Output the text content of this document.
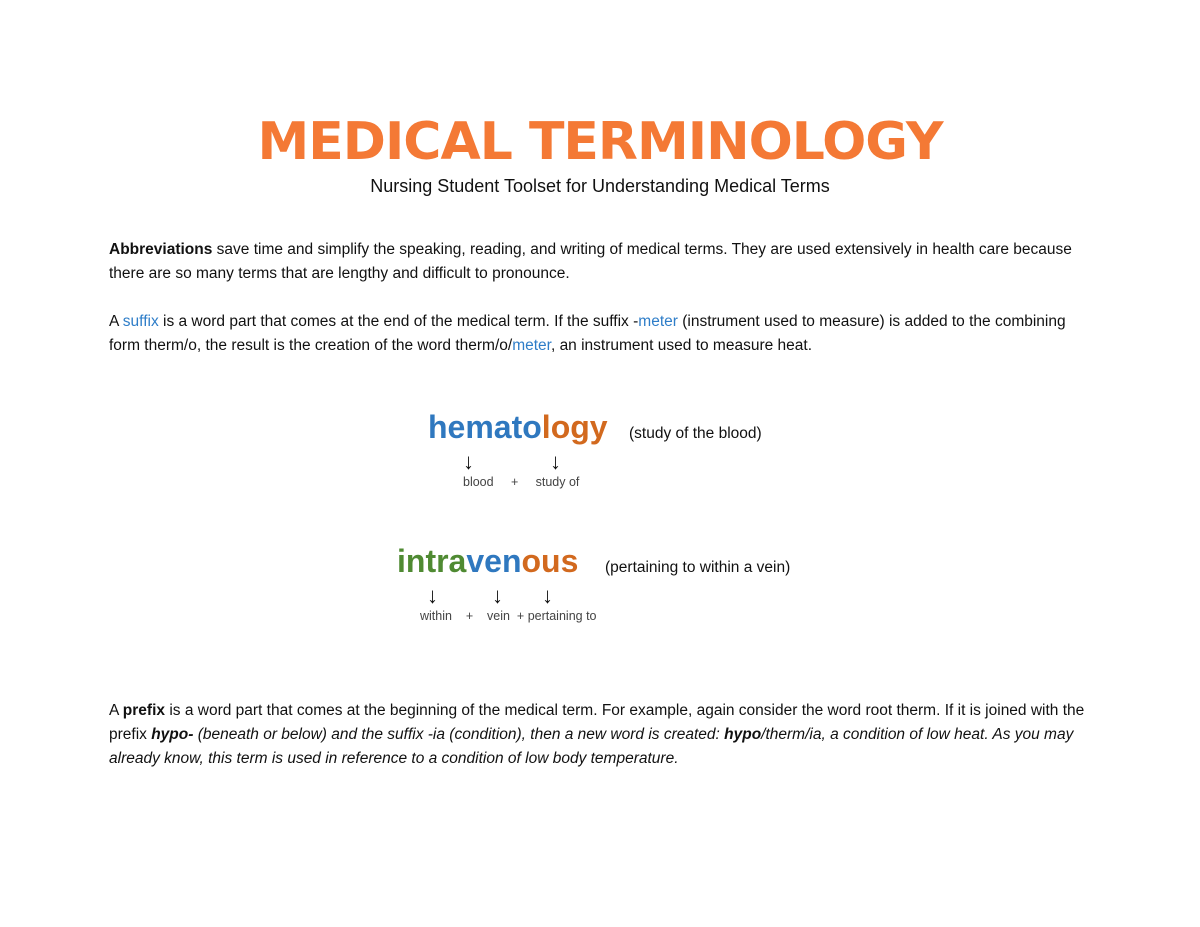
MEDICAL TERMINOLOGY
Nursing Student Toolset for Understanding Medical Terms

Abbreviations save time and simplify the speaking, reading, and writing of medical terms. They are used extensively in health care because there are so many terms that are lengthy and difficult to pronounce.

A suffix is a word part that comes at the end of the medical term. If the suffix -meter (instrument used to measure) is added to the combining form therm/o, the result is the creation of the word therm/o/meter, an instrument used to measure heat.

hematology (study of the blood)
↓	↓
blood     +     study of
intravenous (pertaining to within a vein)
↓ ↓ ↓
within    +    vein  + pertaining to

A prefix is a word part that comes at the beginning of the medical term. For example, again consider the word root therm. If it is joined with the prefix hypo- (beneath or below) and the suffix -ia (condition), then a new word is created: hypo/therm/ia, a condition of low heat. As you may already know, this term is used in reference to a condition of low body temperature.
